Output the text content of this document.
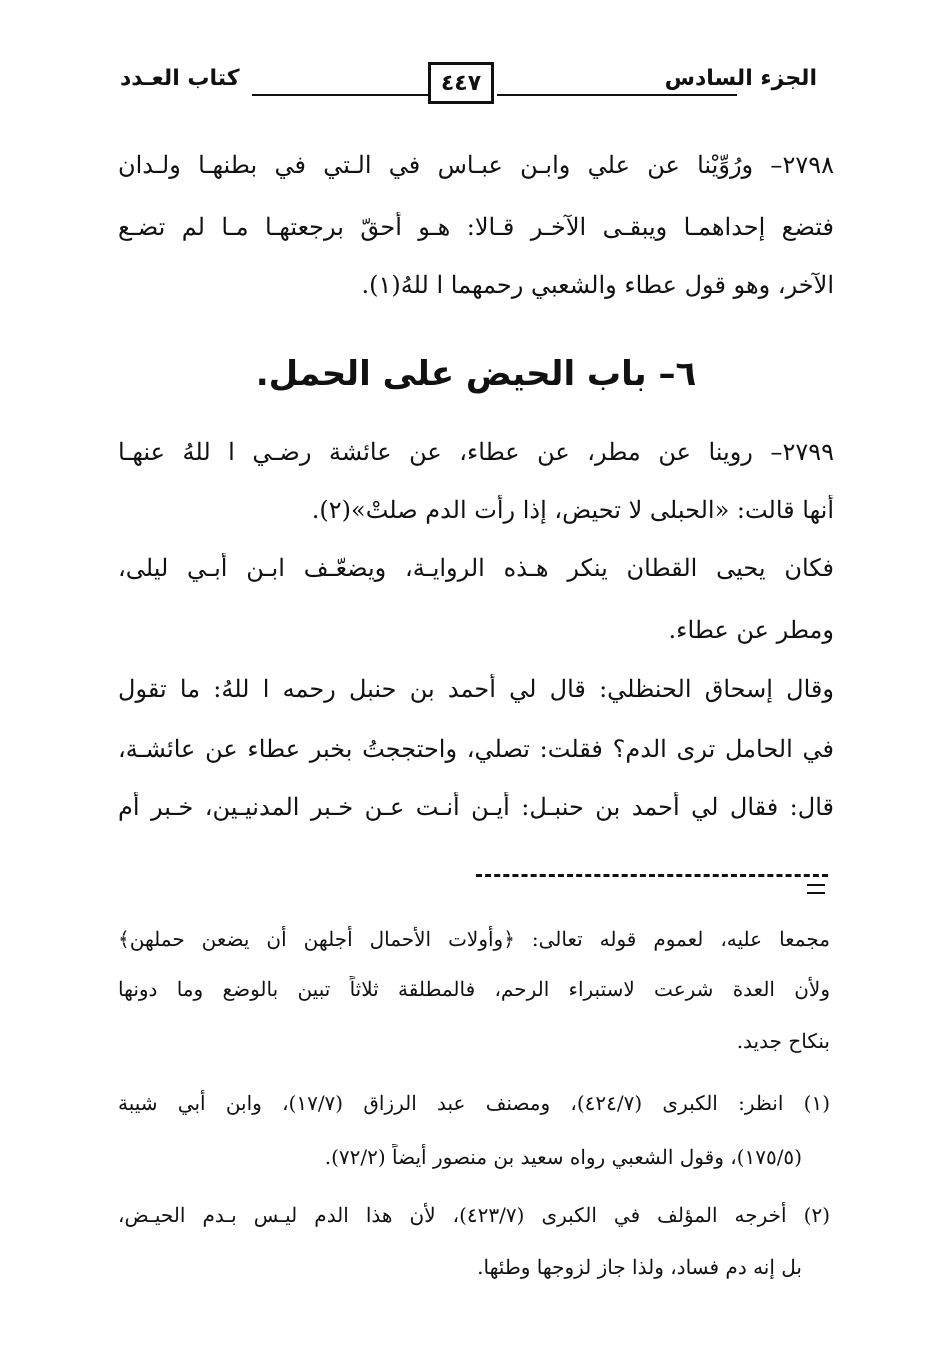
الجزء السادس
٤٤٧
كتاب العـدد

٢٧٩٨– ورُوِّيْنا عن علي وابـن عبـاس في الـتي في بطنهـا ولـدان

فتضع إحداهمـا ويبقـى الآخـر قـالا: هـو أحقّ برجعتهـا مـا لم تضـع

الآخر، وهو قول عطاء والشعبي رحمهما ا للهُ(١).

٦– باب الحيض على الحمل.

٢٧٩٩– روينا عن مطر، عن عطاء، عن عائشة رضـي ا للهُ عنهـا

أنها قالت: «الحبلى لا تحيض، إذا رأت الدم صلتْ»(٢).

فكان يحيى القطان ينكر هـذه الروايـة، ويضعّـف ابـن أبـي ليلى،

ومطر عن عطاء.

وقال إسحاق الحنظلي: قال لي أحمد بن حنبل رحمه ا للهُ: ما تقول

في الحامل ترى الدم؟ فقلت: تصلي، واحتججتُ بخبر عطاء عن عائشـة،

قال: فقال لي أحمد بن حنبـل: أيـن أنـت عـن خـبر المدنيـين، خـبر أم

مجمعا عليه، لعموم قوله تعالى: ﴿وأولات الأحمال أجلهن أن يضعن حملهن﴾

ولأن العدة شرعت لاستبراء الرحم، فالمطلقة ثلاثاً تبين بالوضع وما دونها

بنكاح جديد.

(١) انظر: الكبرى (٤٢٤/٧)، ومصنف عبد الرزاق (١٧/٧)، وابن أبي شيبة

(١٧٥/٥)، وقول الشعبي رواه سعيد بن منصور أيضاً (٧٢/٢).

(٢) أخرجه المؤلف في الكبرى (٤٢٣/٧)، لأن هذا الدم ليـس بـدم الحيـض،

بل إنه دم فساد، ولذا جاز لزوجها وطئها.
